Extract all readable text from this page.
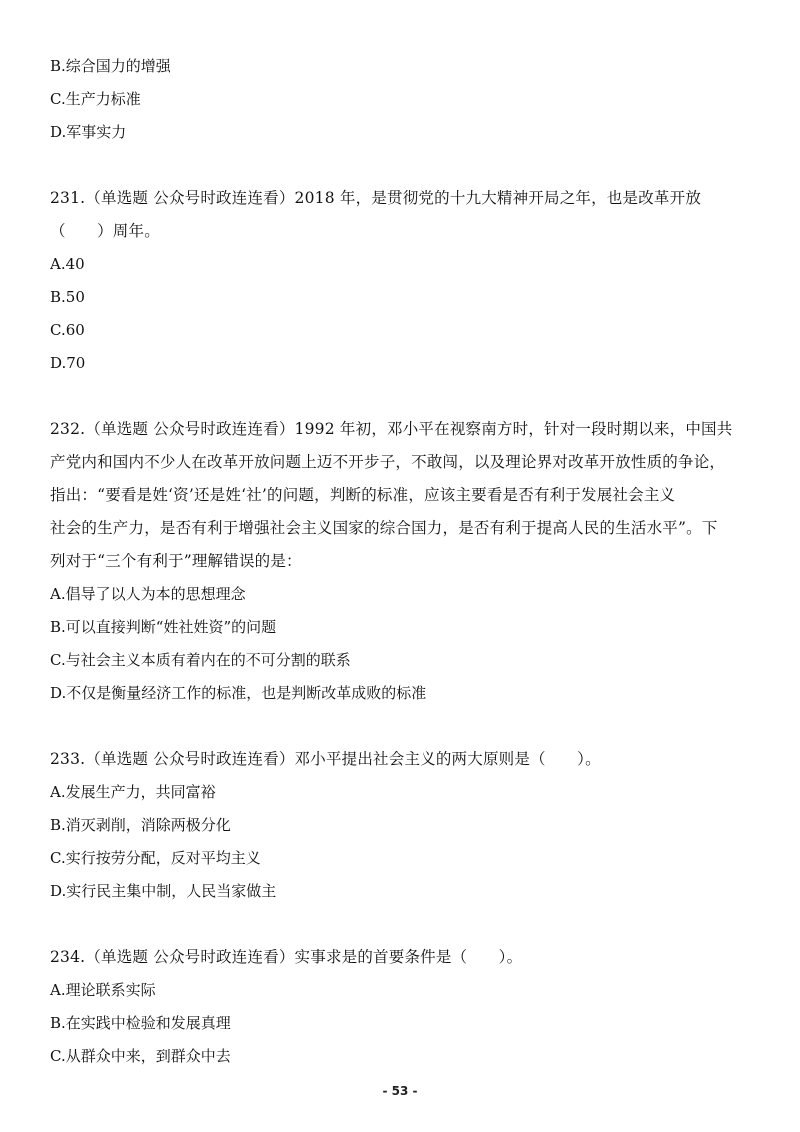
B.综合国力的增强
C.生产力标准
D.军事实力
231.（单选题 公众号时政连连看）2018 年，是贯彻党的十九大精神开局之年，也是改革开放
（　　）周年。
A.40
B.50
C.60
D.70
232.（单选题 公众号时政连连看）1992 年初，邓小平在视察南方时，针对一段时期以来，中国共
产党内和国内不少人在改革开放问题上迈不开步子，不敢闯，以及理论界对改革开放性质的争论，
指出：“要看是姓‘资’还是姓‘社’的问题，判断的标准，应该主要看是否有利于发展社会主义
社会的生产力，是否有利于增强社会主义国家的综合国力，是否有利于提高人民的生活水平”。下
列对于“三个有利于”理解错误的是：
A.倡导了以人为本的思想理念
B.可以直接判断“姓社姓资”的问题
C.与社会主义本质有着内在的不可分割的联系
D.不仅是衡量经济工作的标准，也是判断改革成败的标准
233.（单选题 公众号时政连连看）邓小平提出社会主义的两大原则是（　　）。
A.发展生产力，共同富裕
B.消灭剥削，消除两极分化
C.实行按劳分配，反对平均主义
D.实行民主集中制，人民当家做主
234.（单选题 公众号时政连连看）实事求是的首要条件是（　　）。
A.理论联系实际
B.在实践中检验和发展真理
C.从群众中来，到群众中去
- 53 -
